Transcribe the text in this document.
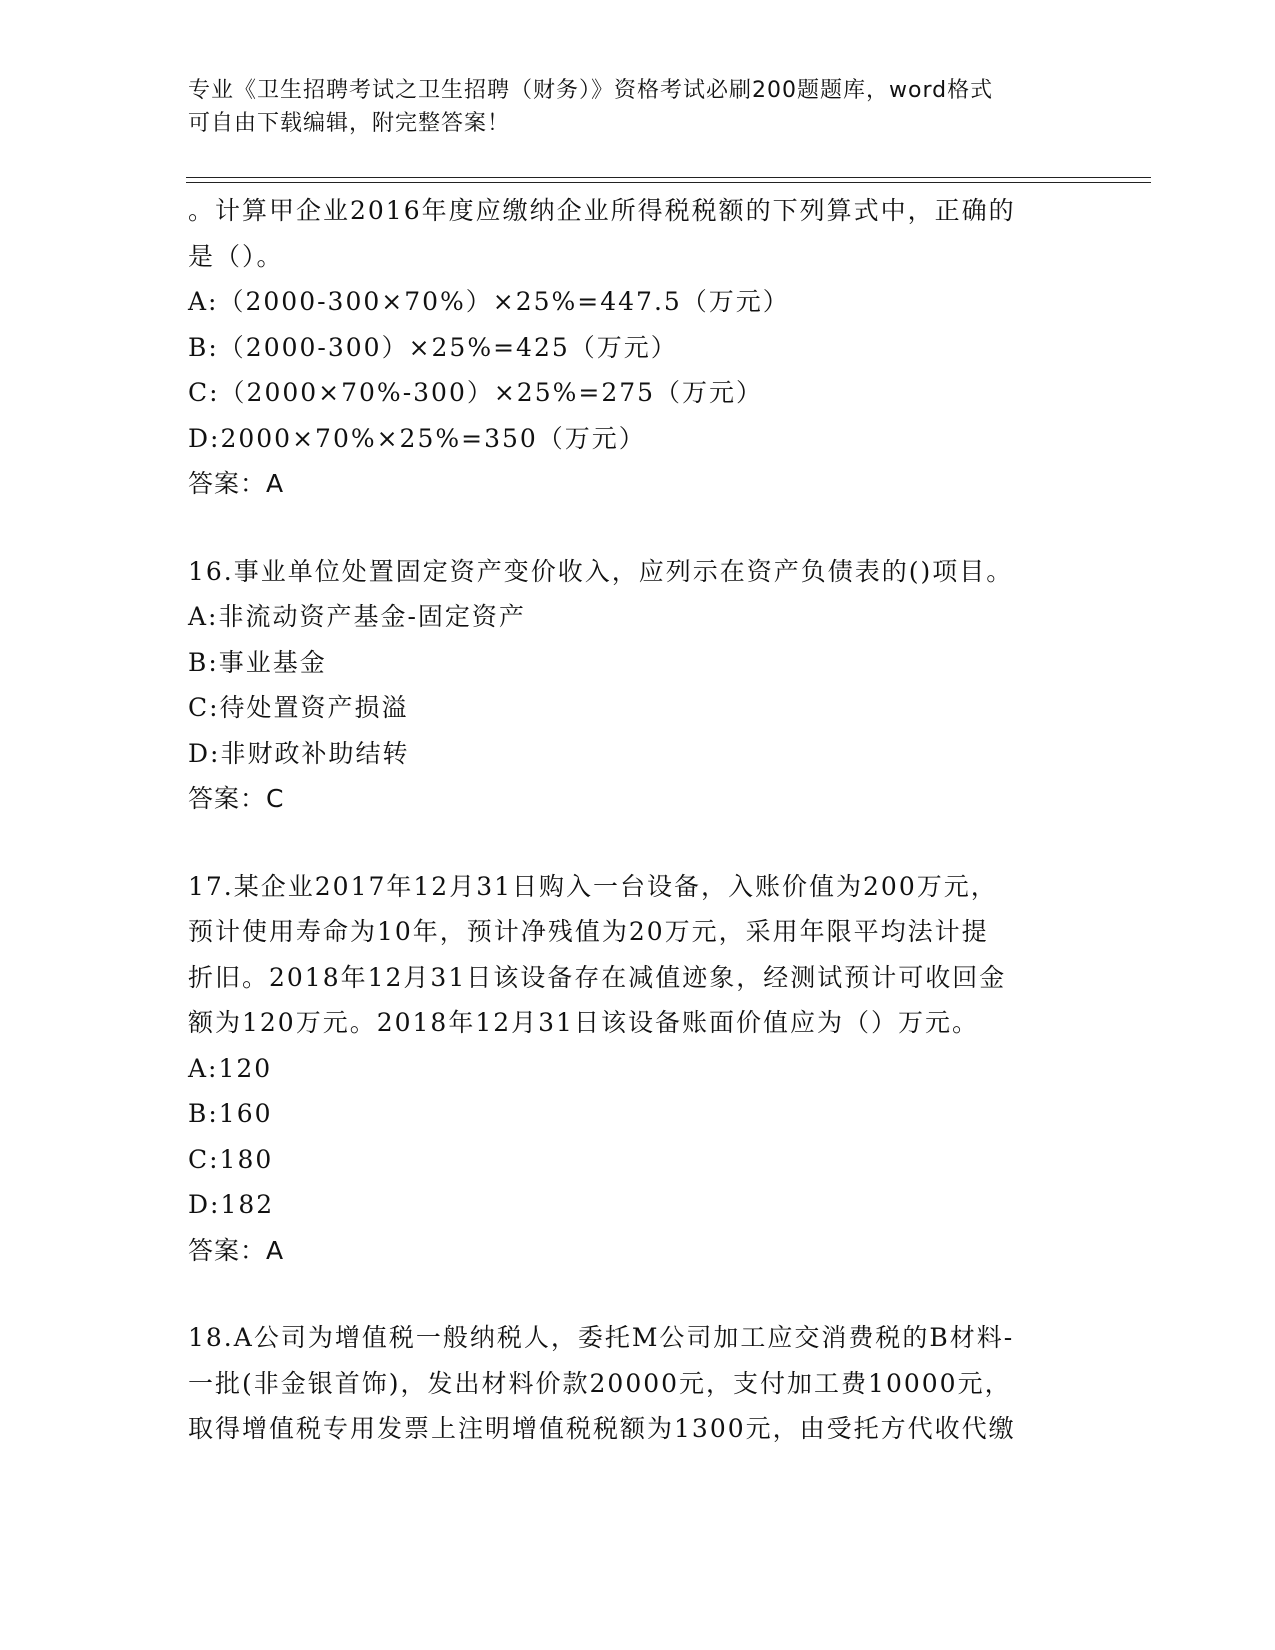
专业《卫生招聘考试之卫生招聘（财务）》资格考试必刷200题题库，word格式
可自由下载编辑，附完整答案！
。计算甲企业2016年度应缴纳企业所得税税额的下列算式中，正确的
是（）。
A:（2000-300×70%）×25%=447.5（万元）
B:（2000-300）×25%=425（万元）
C:（2000×70%-300）×25%=275（万元）
D:2000×70%×25%=350（万元）
答案：A
16.事业单位处置固定资产变价收入，应列示在资产负债表的()项目。
A:非流动资产基金-固定资产
B:事业基金
C:待处置资产损溢
D:非财政补助结转
答案：C
17.某企业2017年12月31日购入一台设备，入账价值为200万元，
预计使用寿命为10年，预计净残值为20万元，采用年限平均法计提
折旧。2018年12月31日该设备存在减值迹象，经测试预计可收回金
额为120万元。2018年12月31日该设备账面价值应为（）万元。
A:120
B:160
C:180
D:182
答案：A
18.A公司为增值税一般纳税人，委托M公司加工应交消费税的B材料-
一批(非金银首饰)，发出材料价款20000元，支付加工费10000元，
取得增值税专用发票上注明增值税税额为1300元，由受托方代收代缴
